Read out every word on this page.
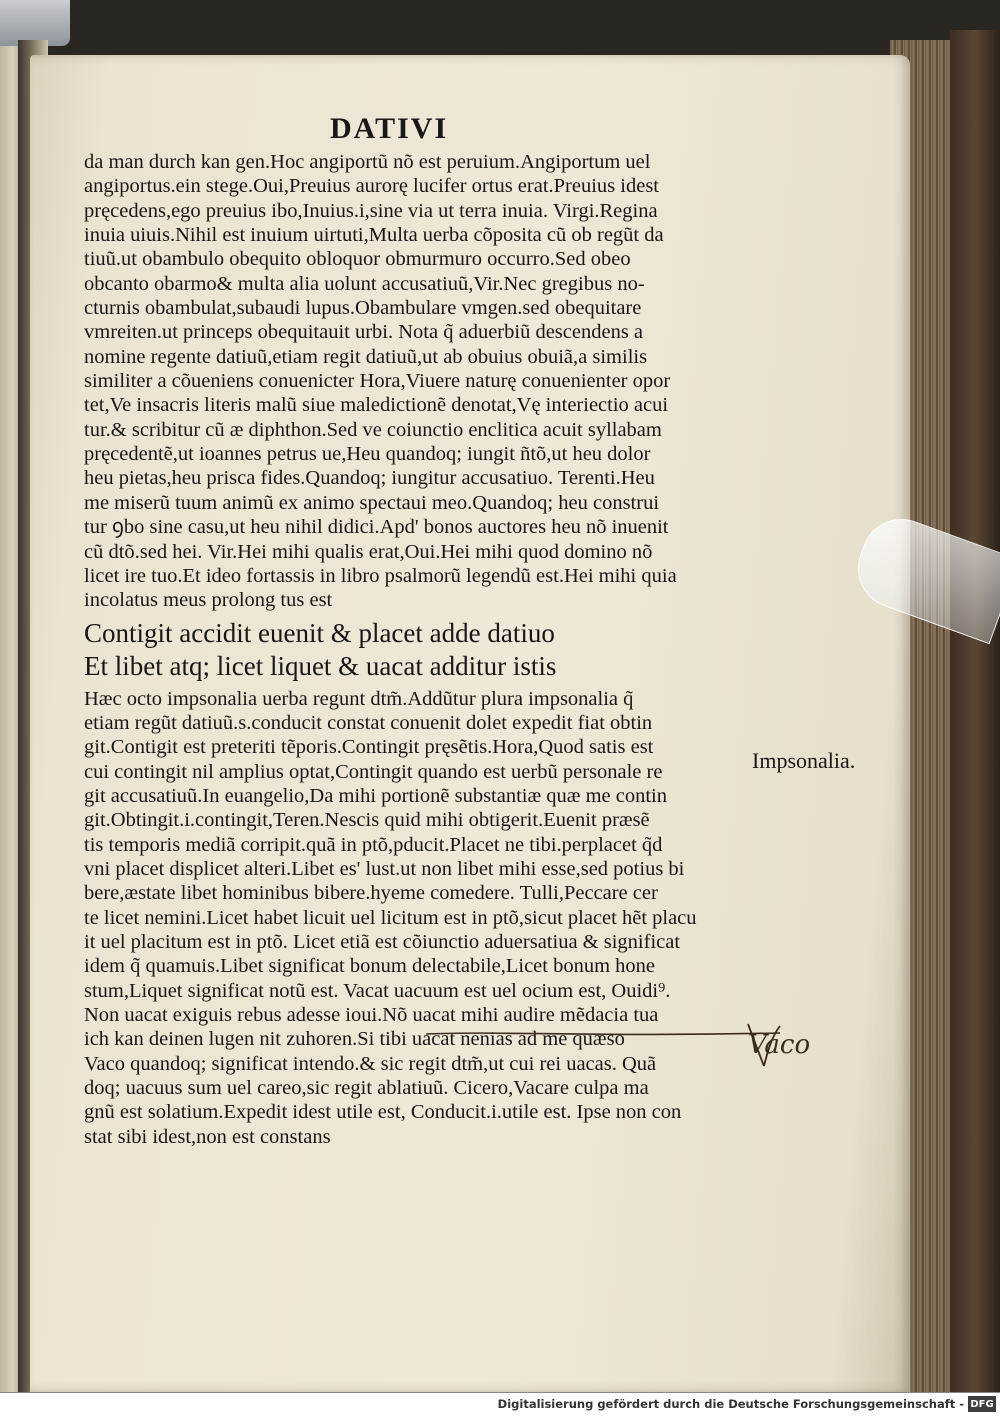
DATIVI
da man durch kan gen.Hoc angiportũ nõ est peruium.Angiportum uel
angiportus.ein stege.Oui,Preuius aurorę lucifer ortus erat.Preuius idest
pręcedens,ego preuius ibo,Inuius.i,sine via ut terra inuia. Virgi.Regina
inuia uiuis.Nihil est inuium uirtuti,Multa uerba cõposita cũ ob regũt da
tiuũ.ut obambulo obequito obloquor obmurmuro occurro.Sed obeo
obcanto obarmo& multa alia uolunt accusatiuũ,Vir.Nec gregibus no-
cturnis obambulat,subaudi lupus.Obambulare vmgen.sed obequitare
vmreiten.ut princeps obequitauit urbi. Nota q̃ aduerbiũ descendens a
nomine regente datiuũ,etiam regit datiuũ,ut ab obuius obuiã,a similis
similiter a cõueniens conuenicter Hora,Viuere naturę conuenienter opor
tet,Ve insacris literis malũ siue maledictionẽ denotat,Vę interiectio acui
tur.& scribitur cũ æ diphthon.Sed ve coiunctio enclitica acuit syllabam
pręcedentẽ,ut ioannes petrus ue,Heu quandoq; iungit ñtõ,ut heu dolor
heu pietas,heu prisca fides.Quandoq; iungitur accusatiuo. Terenti.Heu
me miserũ tuum animũ ex animo spectaui meo.Quandoq; heu construi
tur ꝯbo sine casu,ut heu nihil didici.Apd' bonos auctores heu nõ inuenit
cũ dtõ.sed hei. Vir.Hei mihi qualis erat,Oui.Hei mihi quod domino nõ
licet ire tuo.Et ideo fortassis in libro psalmorũ legendũ est.Hei mihi quia
incolatus meus prolong tus est
Contigit accidit euenit & placet adde datiuo
Et libet atq; licet liquet & uacat additur istis
Hæc octo impsonalia uerba regunt dtm̃.Addũtur plura impsonalia q̃
etiam regũt datiuũ.s.conducit constat conuenit dolet expedit fiat obtin
git.Contigit est preteriti tẽporis.Contingit pręsẽtis.Hora,Quod satis est
cui contingit nil amplius optat,Contingit quando est uerbũ personale re
git accusatiuũ.In euangelio,Da mihi portionẽ substantiæ quæ me contin
git.Obtingit.i.contingit,Teren.Nescis quid mihi obtigerit.Euenit præsẽ
tis temporis mediã corripit.quã in ptõ,pducit.Placet ne tibi.perplacet q̃d
vni placet displicet alteri.Libet es' lust.ut non libet mihi esse,sed potius bi
bere,æstate libet hominibus bibere.hyeme comedere. Tulli,Peccare cer
te licet nemini.Licet habet licuit uel licitum est in ptõ,sicut placet hẽt placu
it uel placitum est in ptõ. Licet etiã est cõiunctio aduersatiua & significat
idem q̃ quamuis.Libet significat bonum delectabile,Licet bonum hone
stum,Liquet significat notũ est. Vacat uacuum est uel ocium est, Ouidi⁹.
Non uacat exiguis rebus adesse ioui.Nõ uacat mihi audire mẽdacia tua
ich kan deinen lugen nit zuhoren.Si tibi uacat nenias ad me quæso
Vaco quandoq; significat intendo.& sic regit dtm̃,ut cui rei uacas. Quã
doq; uacuus sum uel careo,sic regit ablatiuũ. Cicero,Vacare culpa ma
gnũ est solatium.Expedit idest utile est, Conducit.i.utile est. Ipse non con
stat sibi idest,non est constans
Impsonalia.
Vaco
Digitalisierung gefördert durch die Deutsche Forschungsgemeinschaft - DFG
